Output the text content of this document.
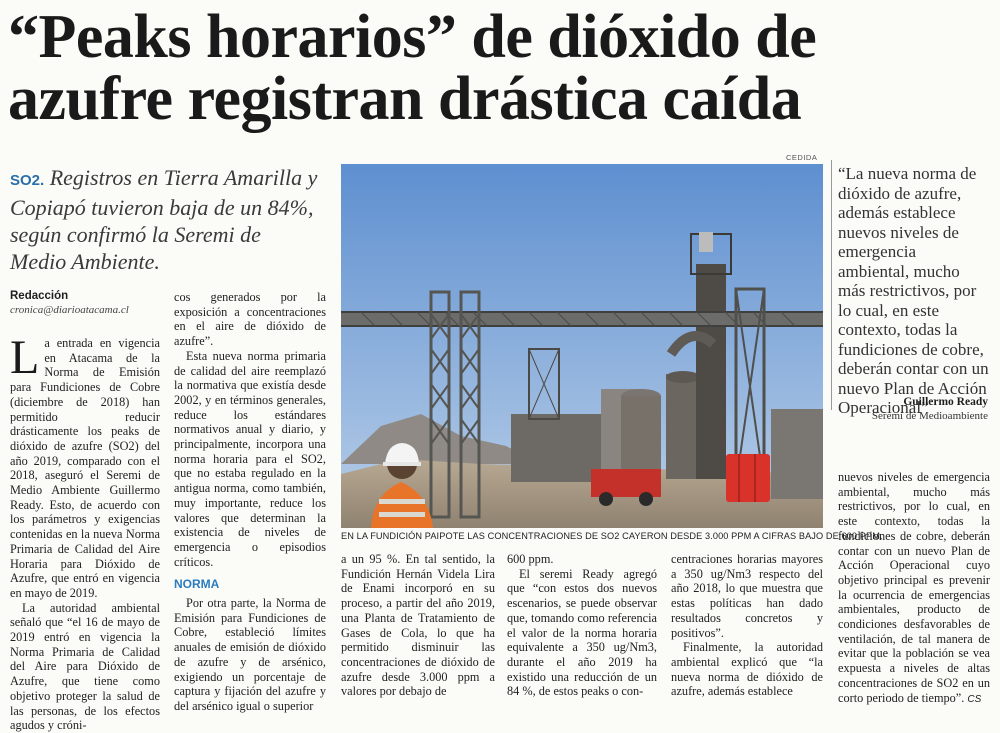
“Peaks horarios” de dióxido de
azufre registran drástica caída
SO2. Registros en Tierra Amarilla y Copiapó tuvieron baja de un 84%, según confirmó la Seremi de Medio Ambiente.
Redacción
cronica@diarioatacama.cl

La entrada en vigencia en Atacama de la Norma de Emisión para Fundiciones de Cobre (diciembre de 2018) han permitido reducir drásticamente los peaks de dióxido de azufre (SO2) del año 2019, comparado con el 2018, aseguró el Seremi de Medio Ambiente Guillermo Ready. Esto, de acuerdo con los parámetros y exigencias contenidas en la nueva Norma Primaria de Calidad del Aire Horaria para Dióxido de Azufre, que entró en vigencia en mayo de 2019.

La autoridad ambiental señaló que “el 16 de mayo de 2019 entró en vigencia la Norma Primaria de Calidad del Aire para Dióxido de Azufre, que tiene como objetivo proteger la salud de las personas, de los efectos agudos y cróni-

cos generados por la exposición a concentraciones en el aire de dióxido de azufre”.

Esta nueva norma primaria de calidad del aire reemplazó la normativa que existía desde 2002, y en términos generales, reduce los estándares normativos anual y diario, y principalmente, incorpora una norma horaria para el SO2, que no estaba regulado en la antigua norma, como también, muy importante, reduce los valores que determinan la existencia de niveles de emergencia o episodios críticos.

NORMA

Por otra parte, la Norma de Emisión para Fundiciones de Cobre, estableció límites anuales de emisión de dióxido de azufre y de arsénico, exigiendo un porcentaje de captura y fijación del azufre y del arsénico igual o superior

CEDIDA
EN LA FUNDICIÓN PAIPOTE LAS CONCENTRACIONES DE SO2 CAYERON DESDE 3.000 PPM A CIFRAS BAJO DE 600 PPM.

a un 95 %. En tal sentido, la Fundición Hernán Videla Lira de Enami incorporó en su proceso, a partir del año 2019, una Planta de Tratamiento de Gases de Cola, lo que ha permitido disminuir las concentraciones de dióxido de azufre desde 3.000 ppm a valores por debajo de

600 ppm.

El seremi Ready agregó que “con estos dos nuevos escenarios, se puede observar que, tomando como referencia el valor de la norma horaria equivalente a 350 ug/Nm3, durante el año 2019 ha existido una reducción de un 84 %, de estos peaks o con-

centraciones horarias mayores a 350 ug/Nm3 respecto del año 2018, lo que muestra que estas políticas han dado resultados concretos y positivos”.

Finalmente, la autoridad ambiental explicó que “la nueva norma de dióxido de azufre, además establece

nuevos niveles de emergencia ambiental, mucho más restrictivos, por lo cual, en este contexto, todas la fundiciones de cobre, deberán contar con un nuevo Plan de Acción Operacional cuyo objetivo principal es prevenir la ocurrencia de emergencias ambientales, producto de condiciones desfavorables de ventilación, de tal manera de evitar que la población se vea expuesta a niveles de altas concentraciones de SO2 en un corto periodo de tiempo”. CS

“La nueva norma de dióxido de azufre, además establece nuevos niveles de emergencia ambiental, mucho más restrictivos, por lo cual, en este contexto, todas la fundiciones de cobre, deberán contar con un nuevo Plan de Acción Operacional”
Guillermo Ready
Seremi de Medioambiente
